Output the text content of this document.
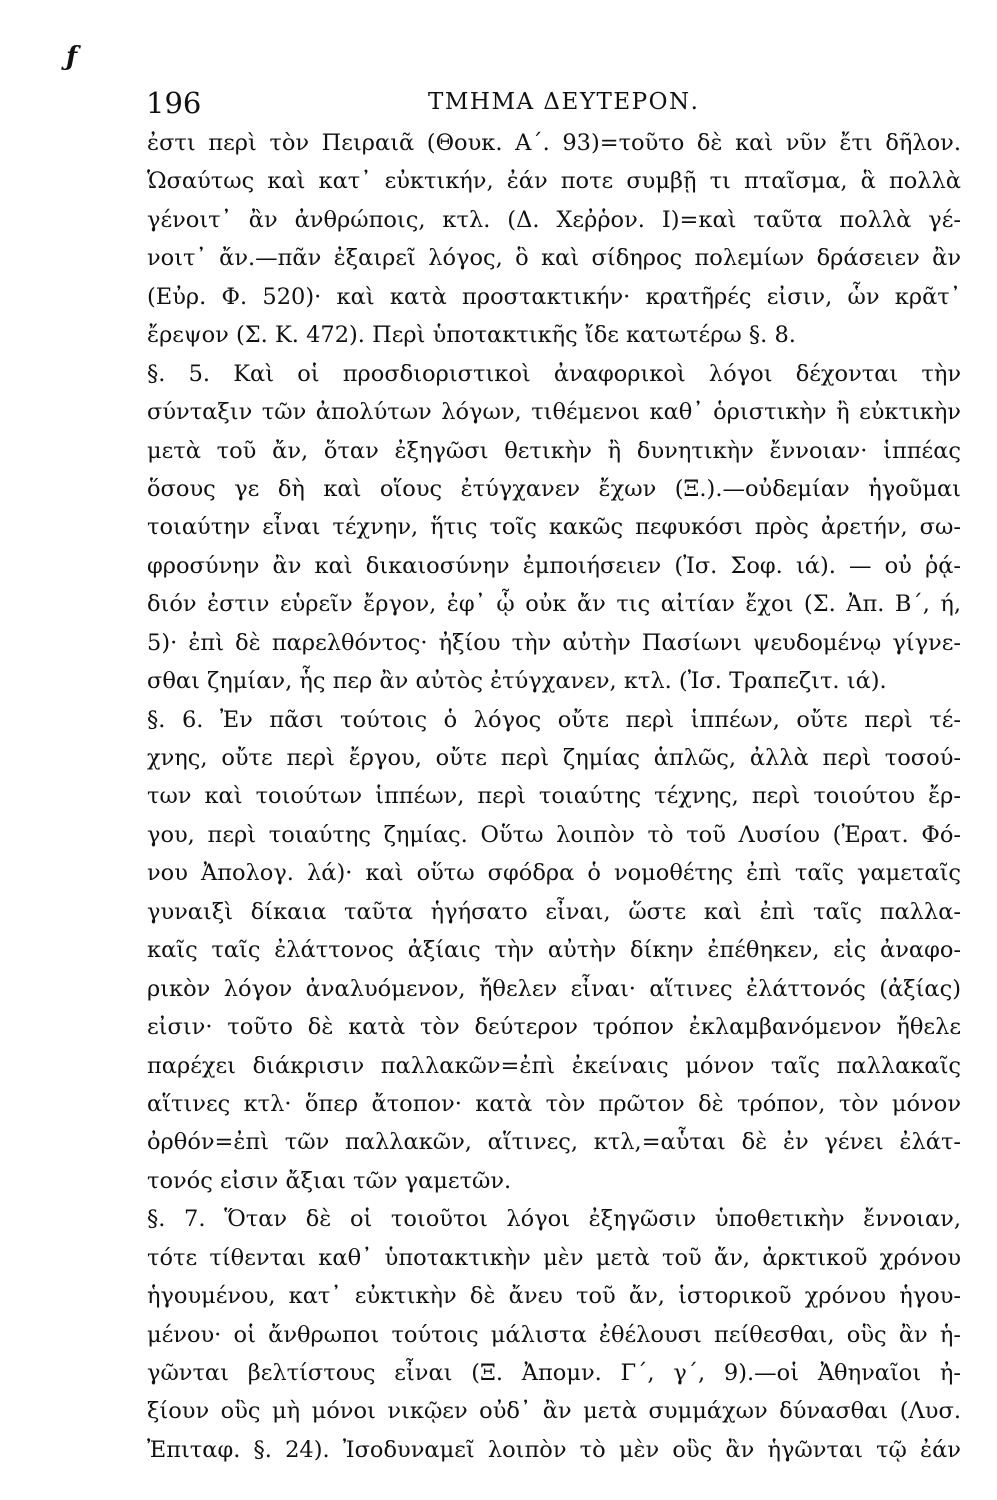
ƒ
196	ΤΜΗΜΑ ΔΕΥΤΕΡΟΝ.
ἐστι περὶ τὸν Πειραιᾶ (Θουκ. Α΄. 93)=τοῦτο δὲ καὶ νῦν ἔτι δῆλον.
Ὡσαύτως καὶ κατ᾽ εὐκτικήν, ἐάν ποτε συμβῇ τι πταῖσμα, ἃ πολλὰ
γένοιτ᾽ ἂν ἀνθρώποις, κτλ. (Δ. Χεῤῥον. Ι)=καὶ ταῦτα πολλὰ γέ-
νοιτ᾽ ἄν.—πᾶν ἐξαιρεῖ λόγος, ὃ καὶ σίδηρος πολεμίων δράσειεν ἂν
(Εὐρ. Φ. 520)· καὶ κατὰ προστακτικήν· κρατῆρές εἰσιν, ὧν κρᾶτ᾽
ἔρεψον (Σ. Κ. 472). Περὶ ὑποτακτικῆς ἴδε κατωτέρω §. 8.
§. 5. Καὶ οἱ προσδιοριστικοὶ ἀναφορικοὶ λόγοι δέχονται τὴν
σύνταξιν τῶν ἀπολύτων λόγων, τιθέμενοι καθ᾽ ὁριστικὴν ἢ εὐκτικὴν
μετὰ τοῦ ἄν, ὅταν ἐξηγῶσι θετικὴν ἢ δυνητικὴν ἔννοιαν· ἱππέας
ὅσους γε δὴ καὶ οἵους ἐτύγχανεν ἔχων (Ξ.).—οὐδεμίαν ἡγοῦμαι
τοιαύτην εἶναι τέχνην, ἥτις τοῖς κακῶς πεφυκόσι πρὸς ἀρετήν, σω-
φροσύνην ἂν καὶ δικαιοσύνην ἐμποιήσειεν (Ἰσ. Σοφ. ιά). — οὐ ῥᾴ-
διόν ἐστιν εὑρεῖν ἔργον, ἐφ᾽ ᾧ οὐκ ἄν τις αἰτίαν ἔχοι (Σ. Ἀπ. Β΄, ή,
5)· ἐπὶ δὲ παρελθόντος· ἠξίου τὴν αὐτὴν Πασίωνι ψευδομένῳ γίγνε-
σθαι ζημίαν, ἧς περ ἂν αὐτὸς ἐτύγχανεν, κτλ. (Ἰσ. Τραπεζιτ. ιά).
§. 6. Ἐν πᾶσι τούτοις ὁ λόγος οὔτε περὶ ἱππέων, οὔτε περὶ τέ-
χνης, οὔτε περὶ ἔργου, οὔτε περὶ ζημίας ἁπλῶς, ἀλλὰ περὶ τοσού-
των καὶ τοιούτων ἱππέων, περὶ τοιαύτης τέχνης, περὶ τοιούτου ἔρ-
γου, περὶ τοιαύτης ζημίας. Οὕτω λοιπὸν τὸ τοῦ Λυσίου (Ἐρατ. Φό-
νου Ἀπολογ. λά)· καὶ οὕτω σφόδρα ὁ νομοθέτης ἐπὶ ταῖς γαμεταῖς
γυναιξὶ δίκαια ταῦτα ἡγήσατο εἶναι, ὥστε καὶ ἐπὶ ταῖς παλλα-
καῖς ταῖς ἐλάττονος ἀξίαις τὴν αὐτὴν δίκην ἐπέθηκεν, εἰς ἀναφο-
ρικὸν λόγον ἀναλυόμενον, ἤθελεν εἶναι· αἵτινες ἐλάττονός (ἀξίας)
εἰσιν· τοῦτο δὲ κατὰ τὸν δεύτερον τρόπον ἐκλαμβανόμενον ἤθελε
παρέχει διάκρισιν παλλακῶν=ἐπὶ ἐκείναις μόνον ταῖς παλλακαῖς
αἵτινες κτλ· ὅπερ ἄτοπον· κατὰ τὸν πρῶτον δὲ τρόπον, τὸν μόνον
ὀρθόν=ἐπὶ τῶν παλλακῶν, αἵτινες, κτλ,=αὗται δὲ ἐν γένει ἐλάτ-
τονός εἰσιν ἄξιαι τῶν γαμετῶν.
§. 7. Ὅταν δὲ οἱ τοιοῦτοι λόγοι ἐξηγῶσιν ὑποθετικὴν ἔννοιαν,
τότε τίθενται καθ᾽ ὑποτακτικὴν μὲν μετὰ τοῦ ἄν, ἀρκτικοῦ χρόνου
ἡγουμένου, κατ᾽ εὐκτικὴν δὲ ἄνευ τοῦ ἄν, ἱστορικοῦ χρόνου ἡγου-
μένου· οἱ ἄνθρωποι τούτοις μάλιστα ἐθέλουσι πείθεσθαι, οὓς ἂν ἡ-
γῶνται βελτίστους εἶναι (Ξ. Ἀπομν. Γ΄, γ΄, 9).—οἱ Ἀθηναῖοι ἠ-
ξίουν οὓς μὴ μόνοι νικῷεν οὐδ᾽ ἂν μετὰ συμμάχων δύνασθαι (Λυσ.
Ἐπιταφ. §. 24). Ἰσοδυναμεῖ λοιπὸν τὸ μὲν οὓς ἂν ἡγῶνται τῷ ἐάν
